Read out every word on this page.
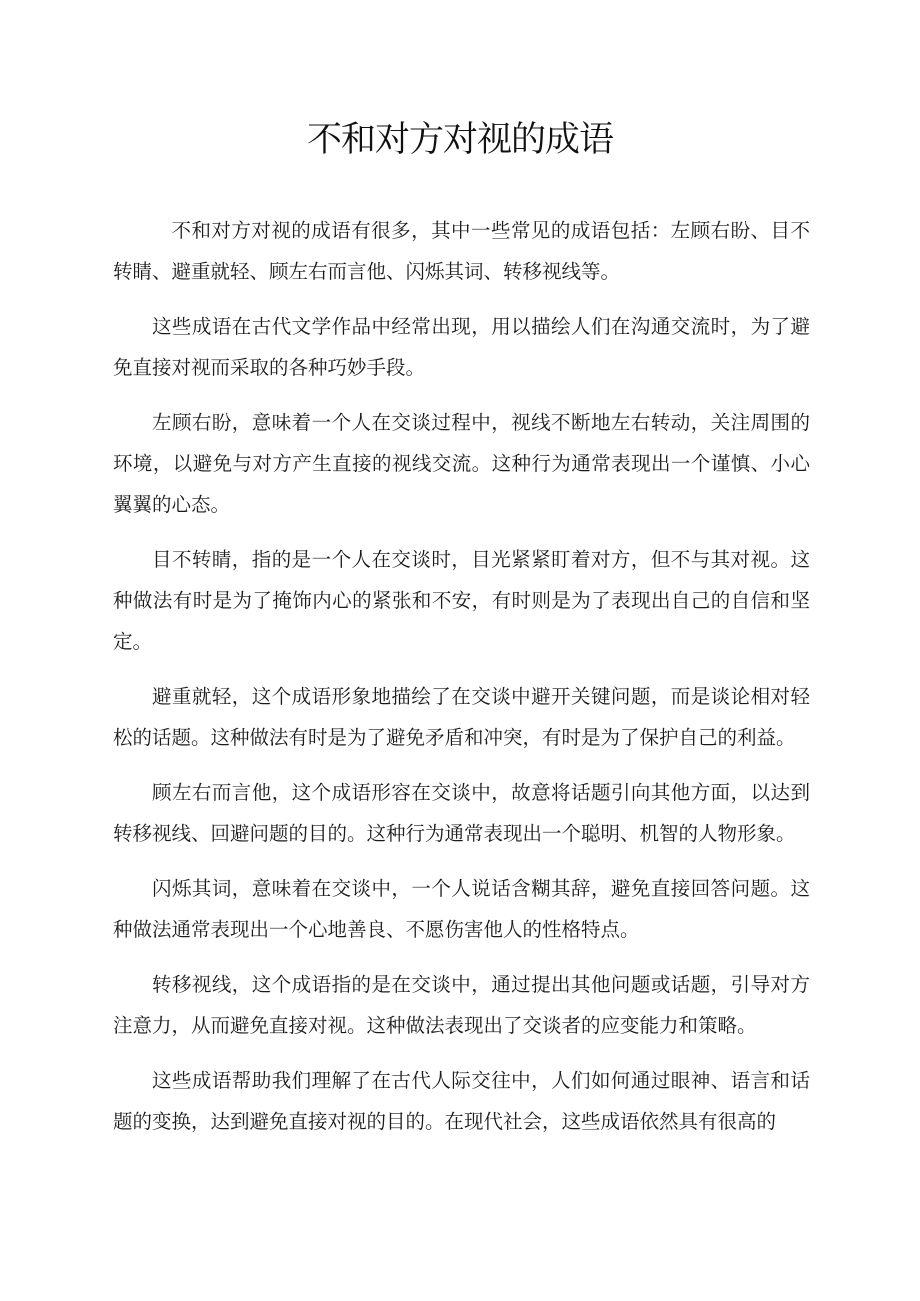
不和对方对视的成语

不和对方对视的成语有很多，其中一些常见的成语包括：左顾右盼、目不转睛、避重就轻、顾左右而言他、闪烁其词、转移视线等。

这些成语在古代文学作品中经常出现，用以描绘人们在沟通交流时，为了避免直接对视而采取的各种巧妙手段。

左顾右盼，意味着一个人在交谈过程中，视线不断地左右转动，关注周围的环境，以避免与对方产生直接的视线交流。这种行为通常表现出一个谨慎、小心翼翼的心态。

目不转睛，指的是一个人在交谈时，目光紧紧盯着对方，但不与其对视。这种做法有时是为了掩饰内心的紧张和不安，有时则是为了表现出自己的自信和坚定。

避重就轻，这个成语形象地描绘了在交谈中避开关键问题，而是谈论相对轻松的话题。这种做法有时是为了避免矛盾和冲突，有时是为了保护自己的利益。

顾左右而言他，这个成语形容在交谈中，故意将话题引向其他方面，以达到转移视线、回避问题的目的。这种行为通常表现出一个聪明、机智的人物形象。

闪烁其词，意味着在交谈中，一个人说话含糊其辞，避免直接回答问题。这种做法通常表现出一个心地善良、不愿伤害他人的性格特点。

转移视线，这个成语指的是在交谈中，通过提出其他问题或话题，引导对方注意力，从而避免直接对视。这种做法表现出了交谈者的应变能力和策略。

这些成语帮助我们理解了在古代人际交往中，人们如何通过眼神、语言和话题的变换，达到避免直接对视的目的。在现代社会，这些成语依然具有很高的
